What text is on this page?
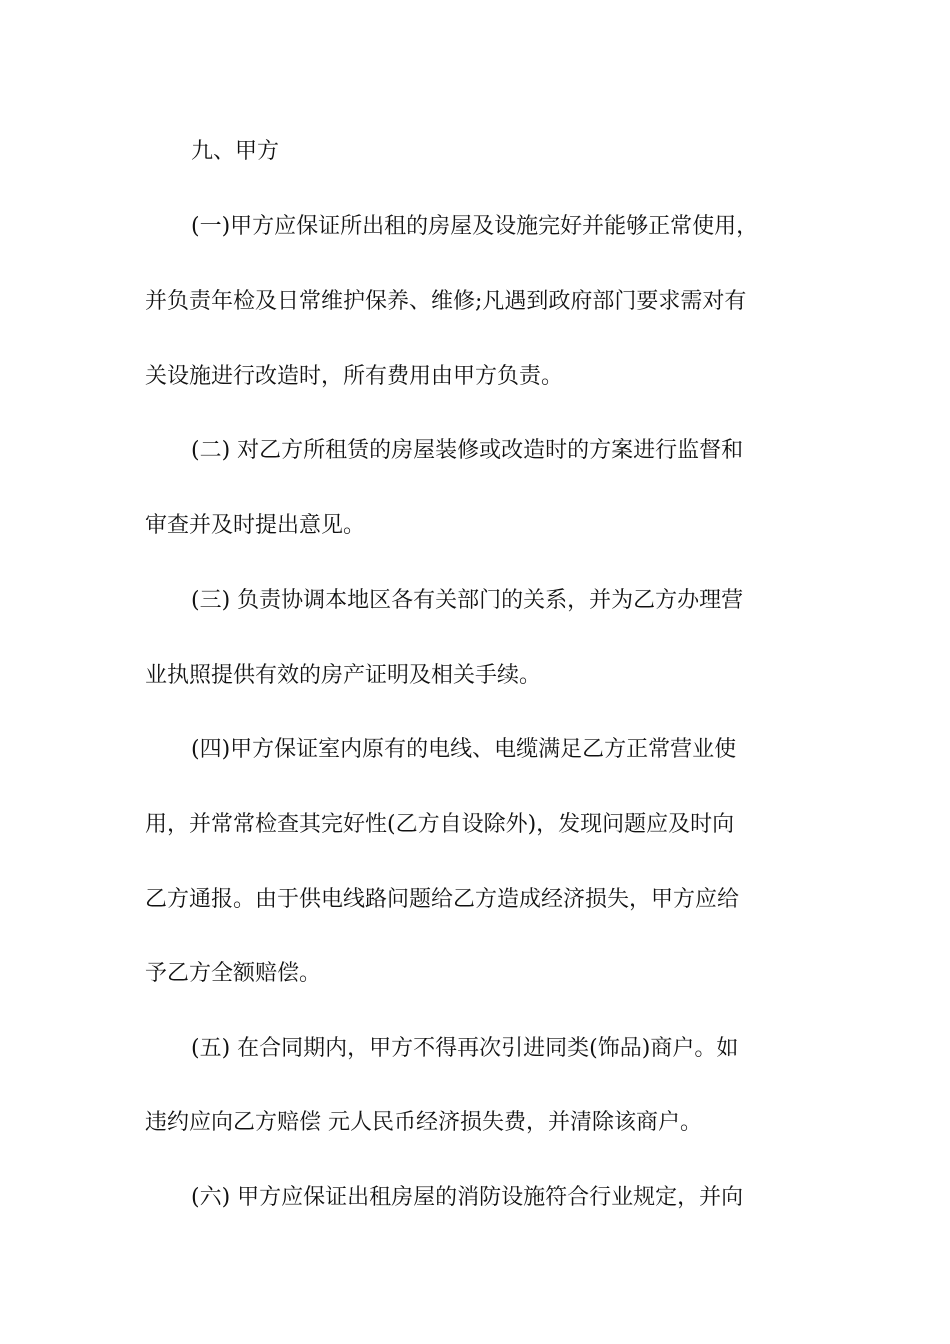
九、甲方
(一)甲方应保证所出租的房屋及设施完好并能够正常使用，
并负责年检及日常维护保养、维修;凡遇到政府部门要求需对有
关设施进行改造时，所有费用由甲方负责。
(二) 对乙方所租赁的房屋装修或改造时的方案进行监督和
审查并及时提出意见。
(三) 负责协调本地区各有关部门的关系，并为乙方办理营
业执照提供有效的房产证明及相关手续。
(四)甲方保证室内原有的电线、电缆满足乙方正常营业使
用，并常常检查其完好性(乙方自设除外)，发现问题应及时向
乙方通报。由于供电线路问题给乙方造成经济损失，甲方应给
予乙方全额赔偿。
(五) 在合同期内，甲方不得再次引进同类(饰品)商户。如
违约应向乙方赔偿 元人民币经济损失费，并清除该商户。
(六) 甲方应保证出租房屋的消防设施符合行业规定，并向
